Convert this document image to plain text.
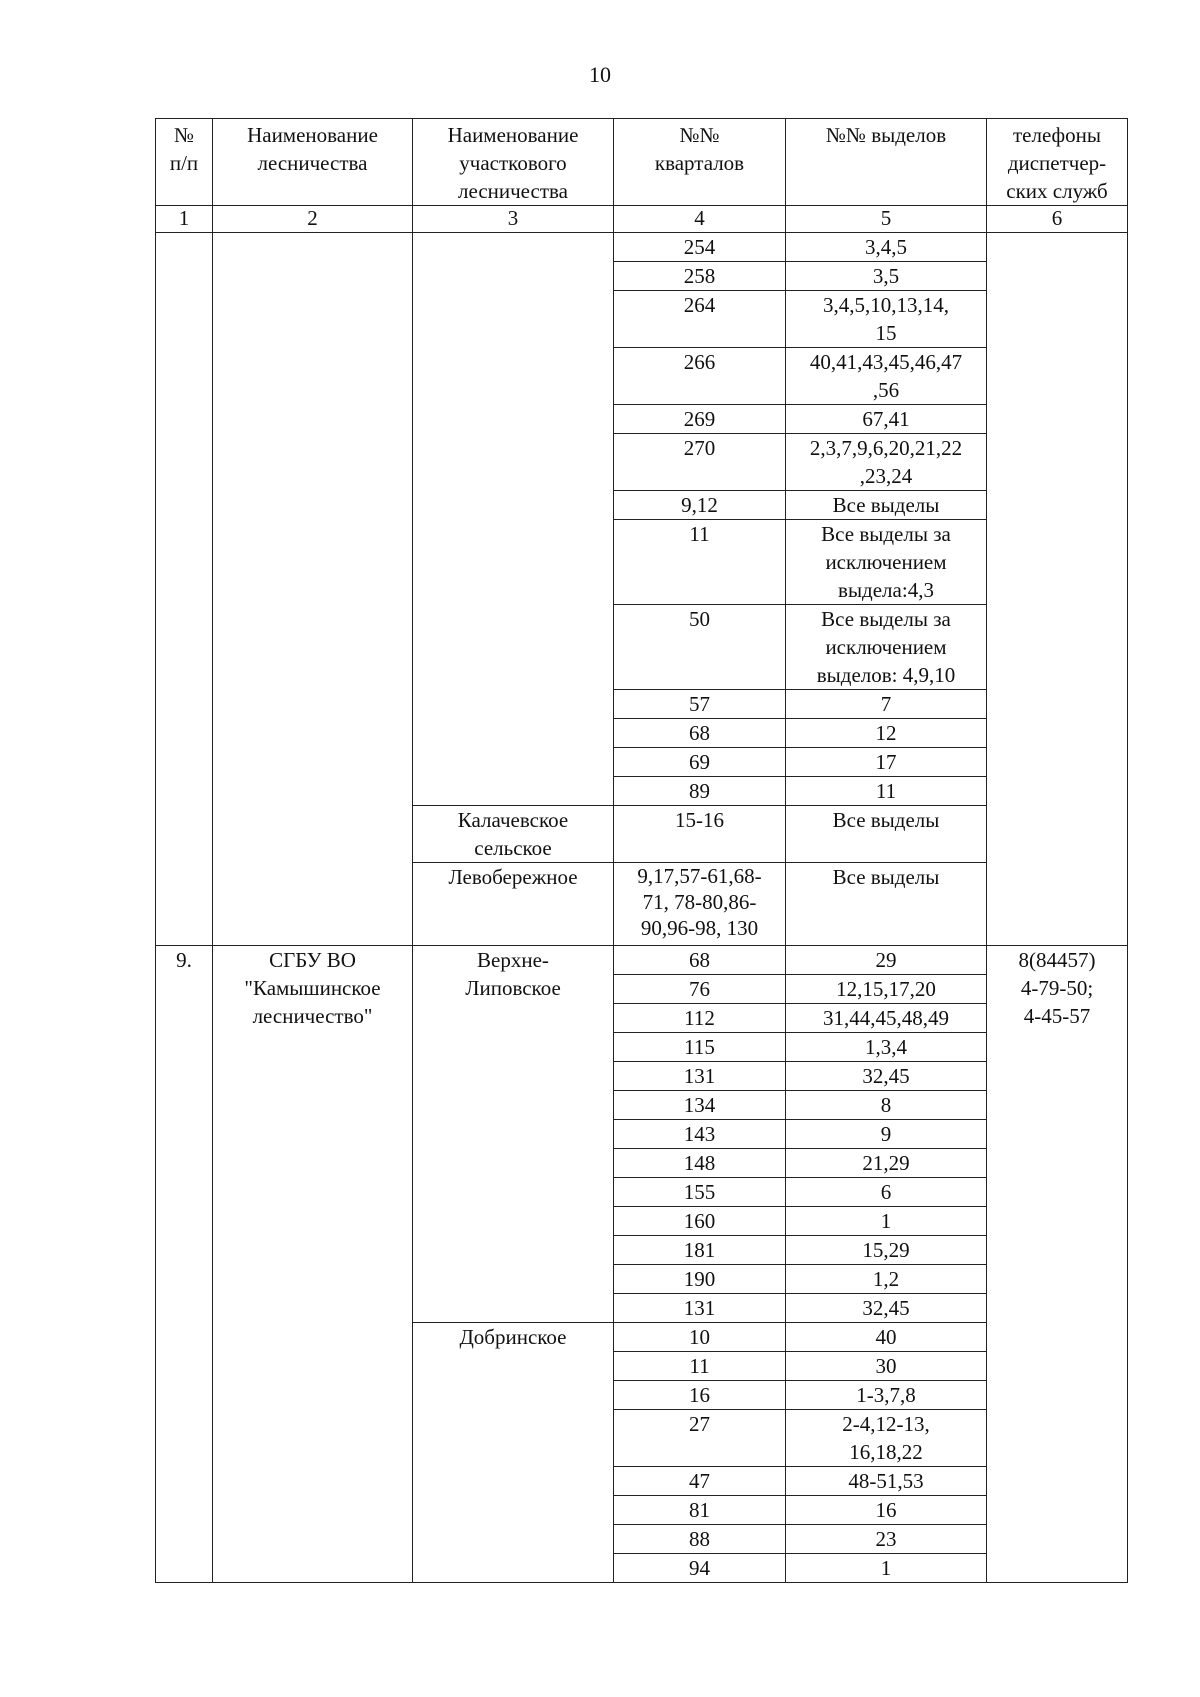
10
№
п/п	Наименование
лесничества	Наименование
участкового
лесничества	№№
кварталов	№№ выделов	телефоны
диспетчер-
ских служб
1	2	3	4	5	6
			254	3,4,5	
			258	3,5	
			264	3,4,5,10,13,14,
15	
			266	40,41,43,45,46,47
,56	
			269	67,41	
			270	2,3,7,9,6,20,21,22
,23,24	
			9,12	Все выделы	
			11	Все выделы за
исключением
выдела:4,3	
			50	Все выделы за
исключением
выделов: 4,9,10	
			57	7	
			68	12	
			69	17	
			89	11	
		Калачевское
сельское	15-16	Все выделы	
		Левобережное	9,17,57-61,68-
71, 78-80,86-
90,96-98, 130	Все выделы	
9.	СГБУ ВО
"Камышинское
лесничество"	Верхне-
Липовское	68	29	8(84457)
4-79-50;
4-45-57
			76	12,15,17,20	
			112	31,44,45,48,49	
			115	1,3,4	
			131	32,45	
			134	8	
			143	9	
			148	21,29	
			155	6	
			160	1	
			181	15,29	
			190	1,2	
			131	32,45	
		Добринское	10	40	
			11	30	
			16	1-3,7,8	
			27	2-4,12-13,
16,18,22	
			47	48-51,53	
			81	16	
			88	23	
			94	1	
